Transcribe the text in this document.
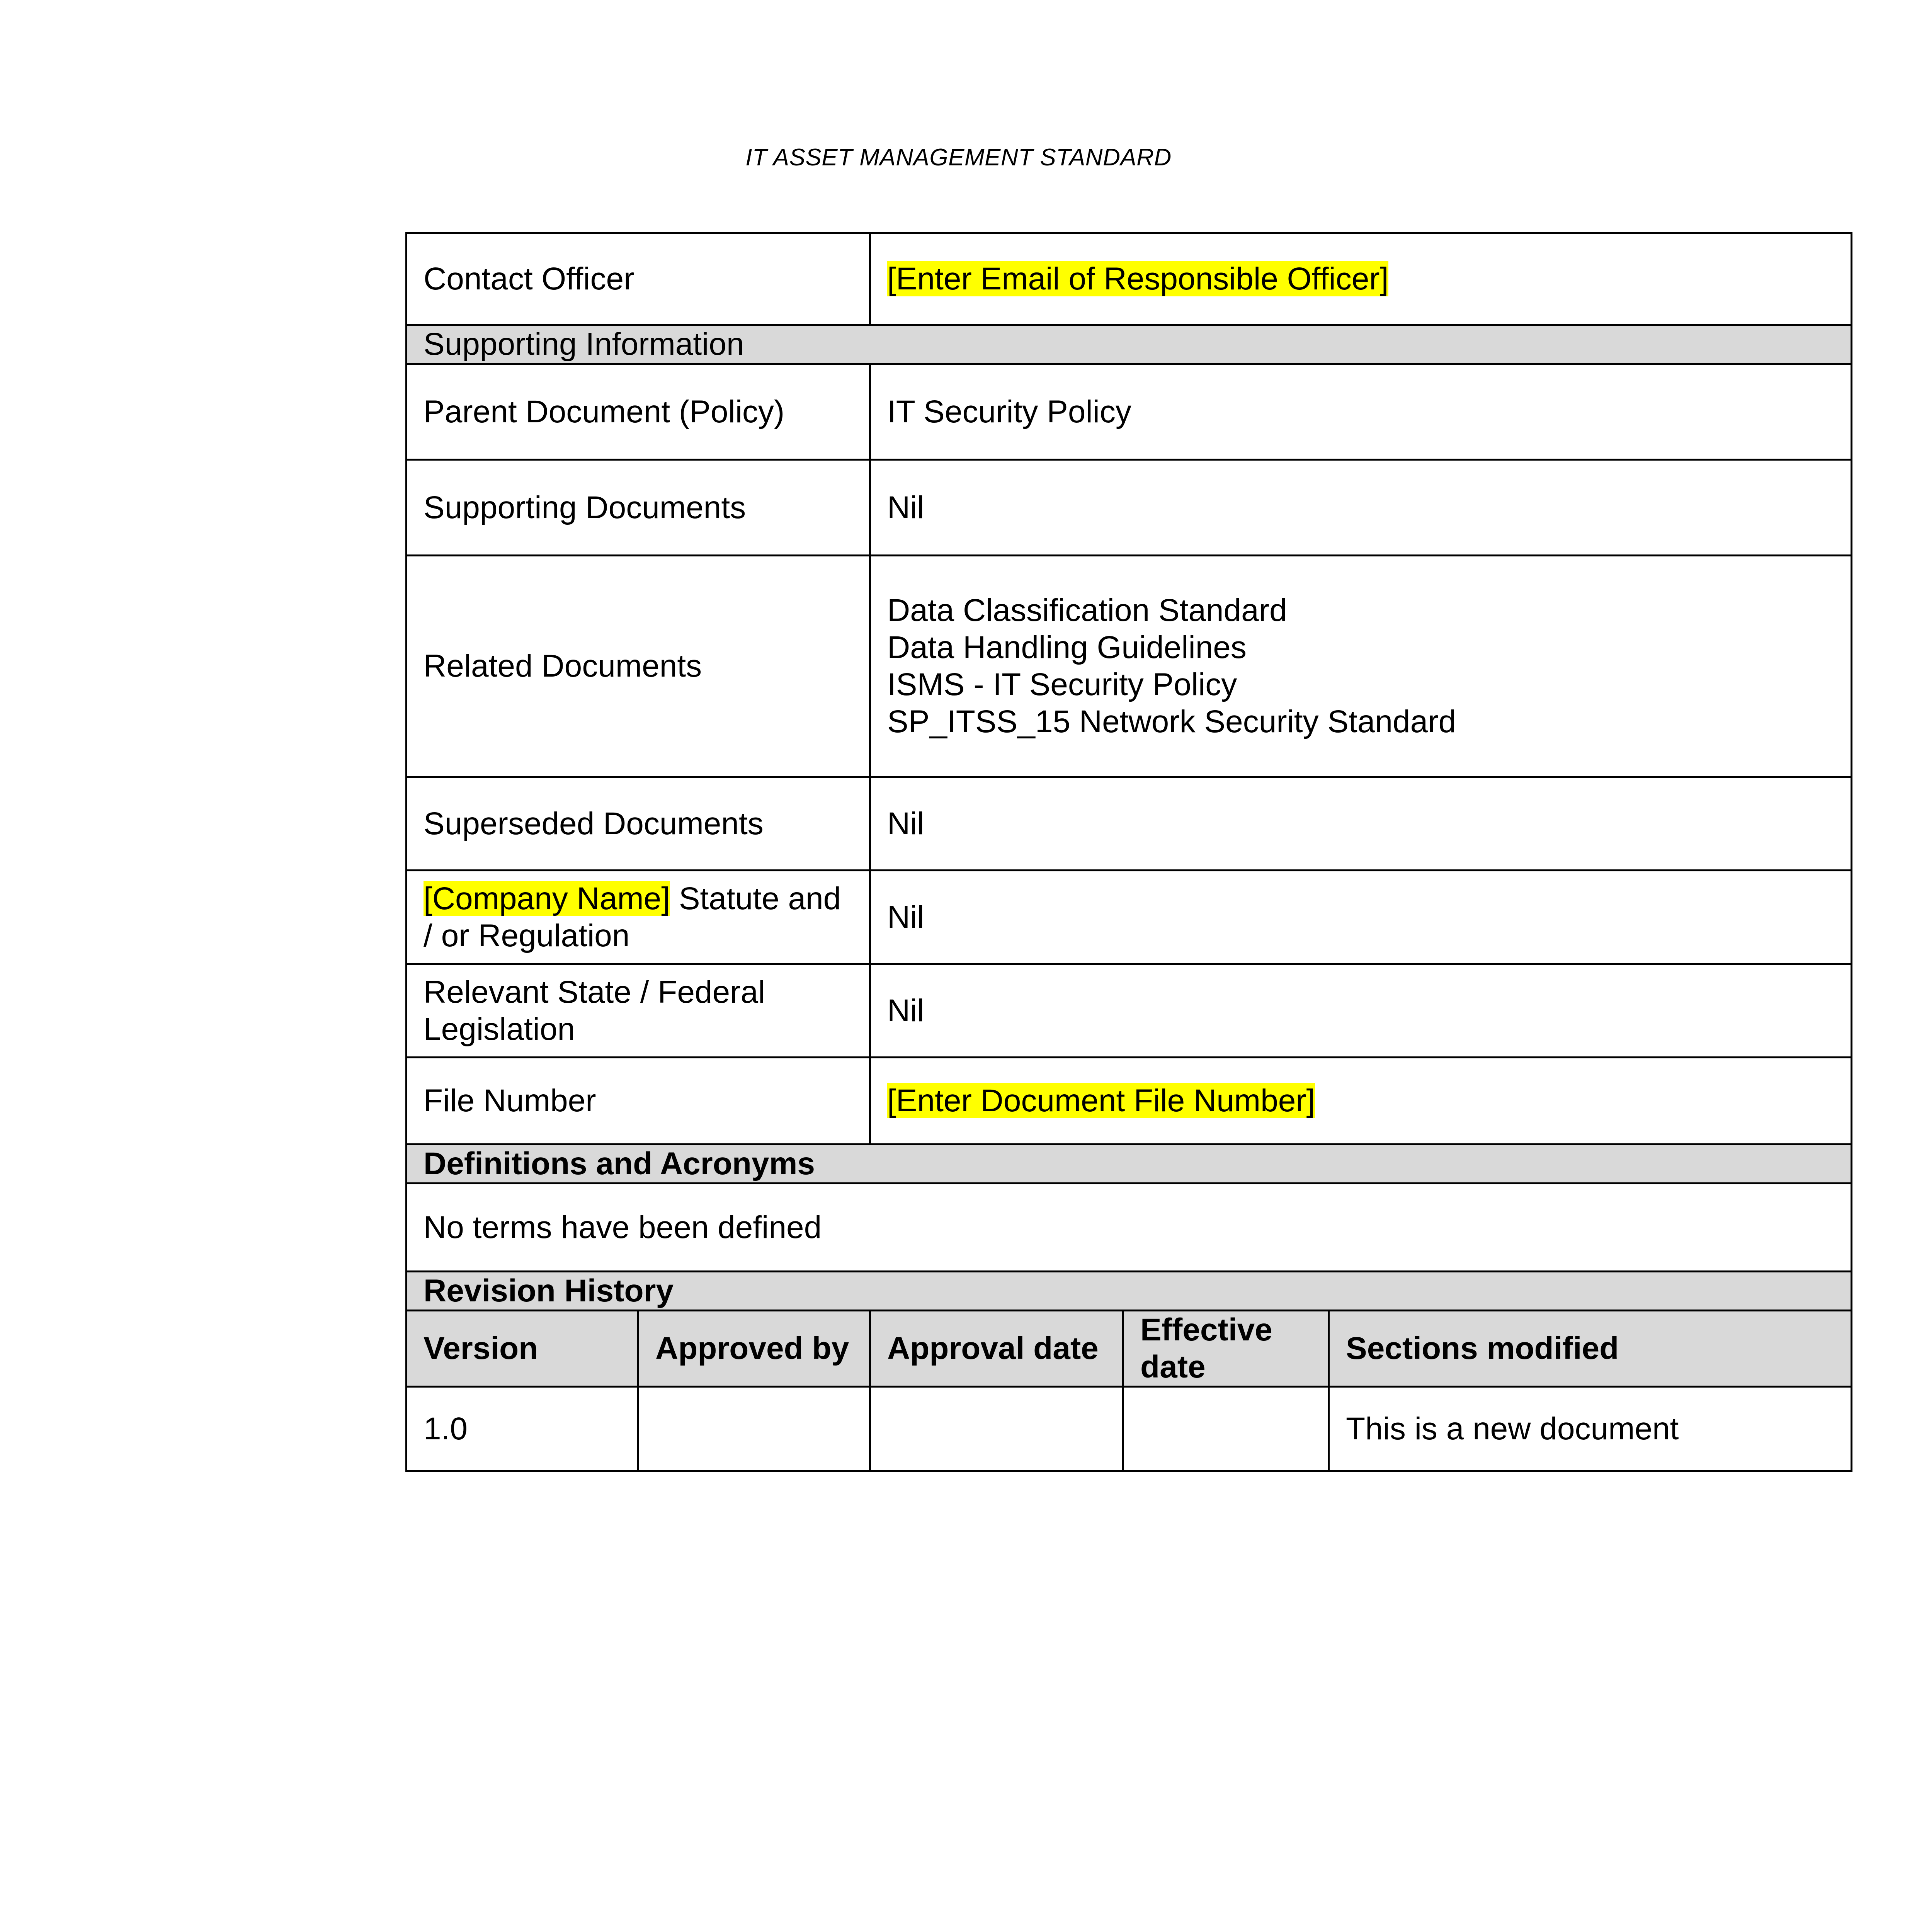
IT ASSET MANAGEMENT STANDARD
Contact Officer		[Enter Email of Responsible Officer]		
Supporting Information				
Parent Document (Policy)		IT Security Policy		
Supporting Documents		Nil		
Related Documents		Data Classification Standard
Data Handling Guidelines
ISMS - IT Security Policy
SP_ITSS_15 Network Security Standard		

Superseded Documents		Nil		
[Company Name] Statute and / or Regulation		Nil		
Relevant State / Federal Legislation		Nil		
File Number		[Enter Document File Number]		
Definitions and Acronyms				
No terms have been defined				
Revision History				
Version	Approved by	Approval date	Effective date	Sections modified
1.0				This is a new document
